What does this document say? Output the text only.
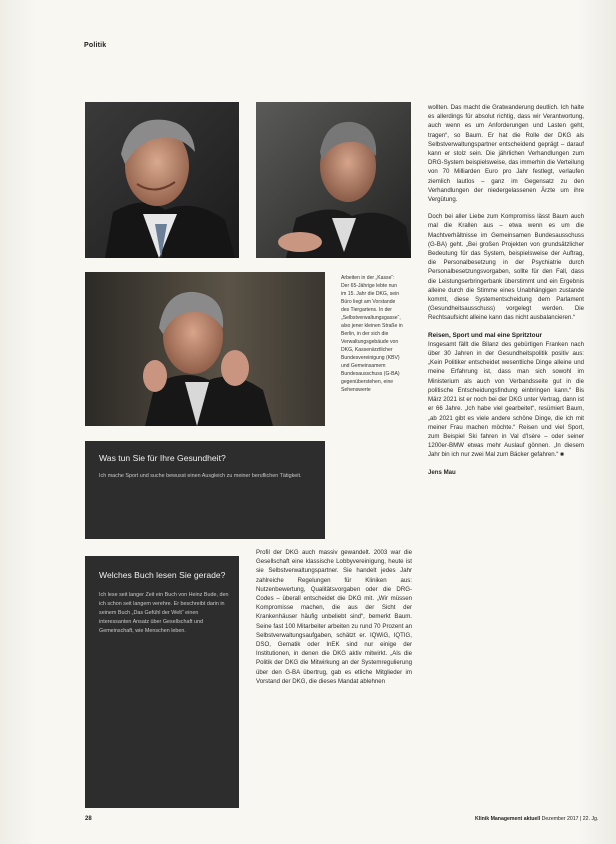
Politik
Arbeiten in der „Kasse“: Der 65-Jährige lebte nun im 15. Jahr die DKG, sein Büro liegt am Vorstande des Tiergartens. In der „Selbstverwaltungsgasse“, also jener kleinen Straße in Berlin, in der sich die Verwaltungsgebäude von DKG, Kassenärztlicher Bundesvereinigung (KBV) und Gemeinsamem Bundesausschuss (G-BA) gegenüberstehen, eine Sehenswerte
Was tun Sie für Ihre Gesundheit?

Ich mache Sport und suche bewusst einen Ausgleich zu meiner beruflichen Tätigkeit.

Welches Buch lesen Sie gerade?

Ich lese seit langer Zeit ein Buch von Heinz Bude, den ich schon seit langem verehre. Er beschreibt darin in seinem Buch „Das Gefühl der Welt“ einen interessanten Ansatz über Gesellschaft und Gemeinschaft, wie Menschen leben.

Profil der DKG auch massiv gewandelt. 2003 war die Gesellschaft eine klassische Lobbyvereinigung, heute ist sie Selbstverwaltungspartner. Sie handelt jedes Jahr zahlreiche Regelungen für Kliniken aus: Nutzenbewertung, Qualitätsvorgaben oder die DRG-Codes – überall entscheidet die DKG mit. „Wir müssen Kompromisse machen, die aus der Sicht der Krankenhäuser häufig unbeliebt sind“, bemerkt Baum. Seine fast 100 Mitarbeiter arbeiten zu rund 70 Prozent an Selbstverwaltungsaufgaben, schätzt er. IQWiG, IQTIG, DSO, Gematik oder InEK sind nur einige der Institutionen, in denen die DKG aktiv mitwirkt. „Als die Politik der DKG die Mitwirkung an der Systemregulierung über den G-BA übertrug, gab es etliche Mitglieder im Vorstand der DKG, die dieses Mandat ablehnen

wollten. Das macht die Gratwanderung deutlich. Ich halte es allerdings für absolut richtig, dass wir Verantwortung, auch wenn es um Anforderungen und Lasten geht, tragen“, so Baum. Er hat die Rolle der DKG als Selbstverwaltungspartner entscheidend geprägt – darauf kann er stolz sein. Die jährlichen Verhandlungen zum DRG-System beispielsweise, das immerhin die Verteilung von 70 Milliarden Euro pro Jahr festlegt, verlaufen ziemlich lautlos – ganz im Gegensatz zu den Verhandlungen der niedergelassenen Ärzte um ihre Vergütung.

Doch bei aller Liebe zum Kompromiss lässt Baum auch mal die Krallen aus – etwa wenn es um die Machtverhältnisse im Gemeinsamen Bundesausschuss (G-BA) geht. „Bei großen Projekten von grundsätzlicher Bedeutung für das System, beispielsweise der Auftrag, die Personalbesetzung in der Psychiatrie durch Personalbesetzungsvorgaben, sollte für den Fall, dass die Leistungserbringerbank überstimmt und ein Ergebnis alleine durch die Stimme eines Unabhängigen zustande kommt, diese Systementscheidung dem Parlament (Gesundheitsausschuss) vorgelegt werden. Die Rechtsaufsicht alleine kann das nicht ausbalancieren.“

Reisen, Sport und mal eine Spritztour

Insgesamt fällt die Bilanz des gebürtigen Franken nach über 30 Jahren in der Gesundheitspolitik positiv aus: „Kein Politiker entscheidet wesentliche Dinge alleine und meine Erfahrung ist, dass man sich sowohl im Ministerium als auch von Verbandsseite gut in die politische Entscheidungsfindung einbringen kann.“ Bis März 2021 ist er noch bei der DKG unter Vertrag, dann ist er 66 Jahre. „Ich habe viel gearbeitet“, resümiert Baum, „ab 2021 gibt es viele andere schöne Dinge, die ich mit meiner Frau machen möchte.“ Reisen und viel Sport, zum Beispiel Ski fahren in Val d'Isère – oder seiner 1200er-BMW etwas mehr Auslauf gönnen. „In diesem Jahr bin ich nur zwei Mal zum Bäcker gefahren.“ ■

Jens Mau
28	Klinik Management aktuell Dezember 2017 | 22. Jg.
